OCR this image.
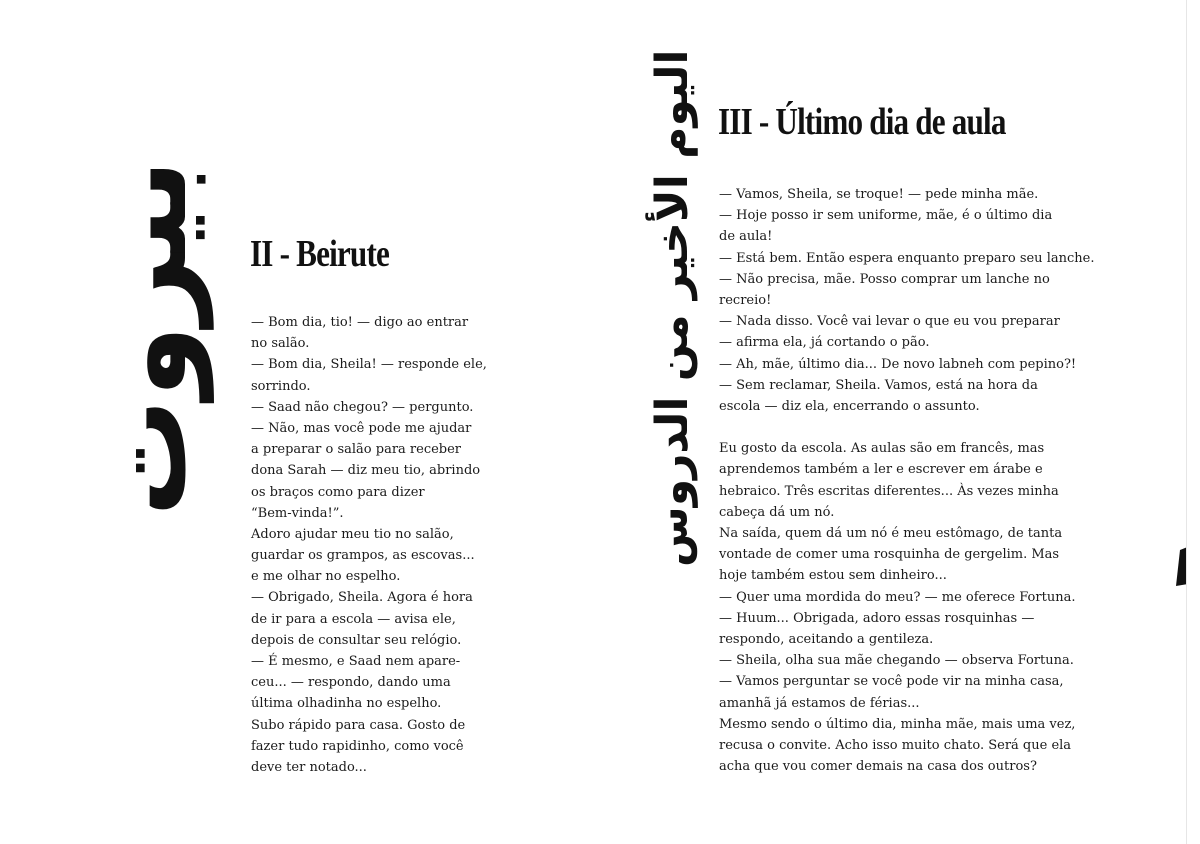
بيروت II - Beirute
— Bom dia, tio! — digo ao entrar
no salão.
— Bom dia, Sheila! — responde ele,
sorrindo.
— Saad não chegou? — pergunto.
— Não, mas você pode me ajudar
a preparar o salão para receber
dona Sarah — diz meu tio, abrindo
os braços como para dizer
“Bem-vinda!”.
Adoro ajudar meu tio no salão,
guardar os grampos, as escovas...
e me olhar no espelho.
— Obrigado, Sheila. Agora é hora
de ir para a escola — avisa ele,
depois de consultar seu relógio.
— É mesmo, e Saad nem apare-
ceu... — respondo, dando uma
última olhadinha no espelho.
Subo rápido para casa. Gosto de
fazer tudo rapidinho, como você
deve ter notado...
اليوم الأخير من الدروس III - Último dia de aula
— Vamos, Sheila, se troque! — pede minha mãe.
— Hoje posso ir sem uniforme, mãe, é o último dia
de aula!
— Está bem. Então espera enquanto preparo seu lanche.
— Não precisa, mãe. Posso comprar um lanche no
recreio!
— Nada disso. Você vai levar o que eu vou preparar
— afirma ela, já cortando o pão.
— Ah, mãe, último dia... De novo labneh com pepino?!
— Sem reclamar, Sheila. Vamos, está na hora da
escola — diz ela, encerrando o assunto.
Eu gosto da escola. As aulas são em francês, mas
aprendemos também a ler e escrever em árabe e
hebraico. Três escritas diferentes... Às vezes minha
cabeça dá um nó.
Na saída, quem dá um nó é meu estômago, de tanta
vontade de comer uma rosquinha de gergelim. Mas
hoje também estou sem dinheiro...
— Quer uma mordida do meu? — me oferece Fortuna.
— Huum... Obrigada, adoro essas rosquinhas —
respondo, aceitando a gentileza.
— Sheila, olha sua mãe chegando — observa Fortuna.
— Vamos perguntar se você pode vir na minha casa,
amanhã já estamos de férias...
Mesmo sendo o último dia, minha mãe, mais uma vez,
recusa o convite. Acho isso muito chato. Será que ela
acha que vou comer demais na casa dos outros?
